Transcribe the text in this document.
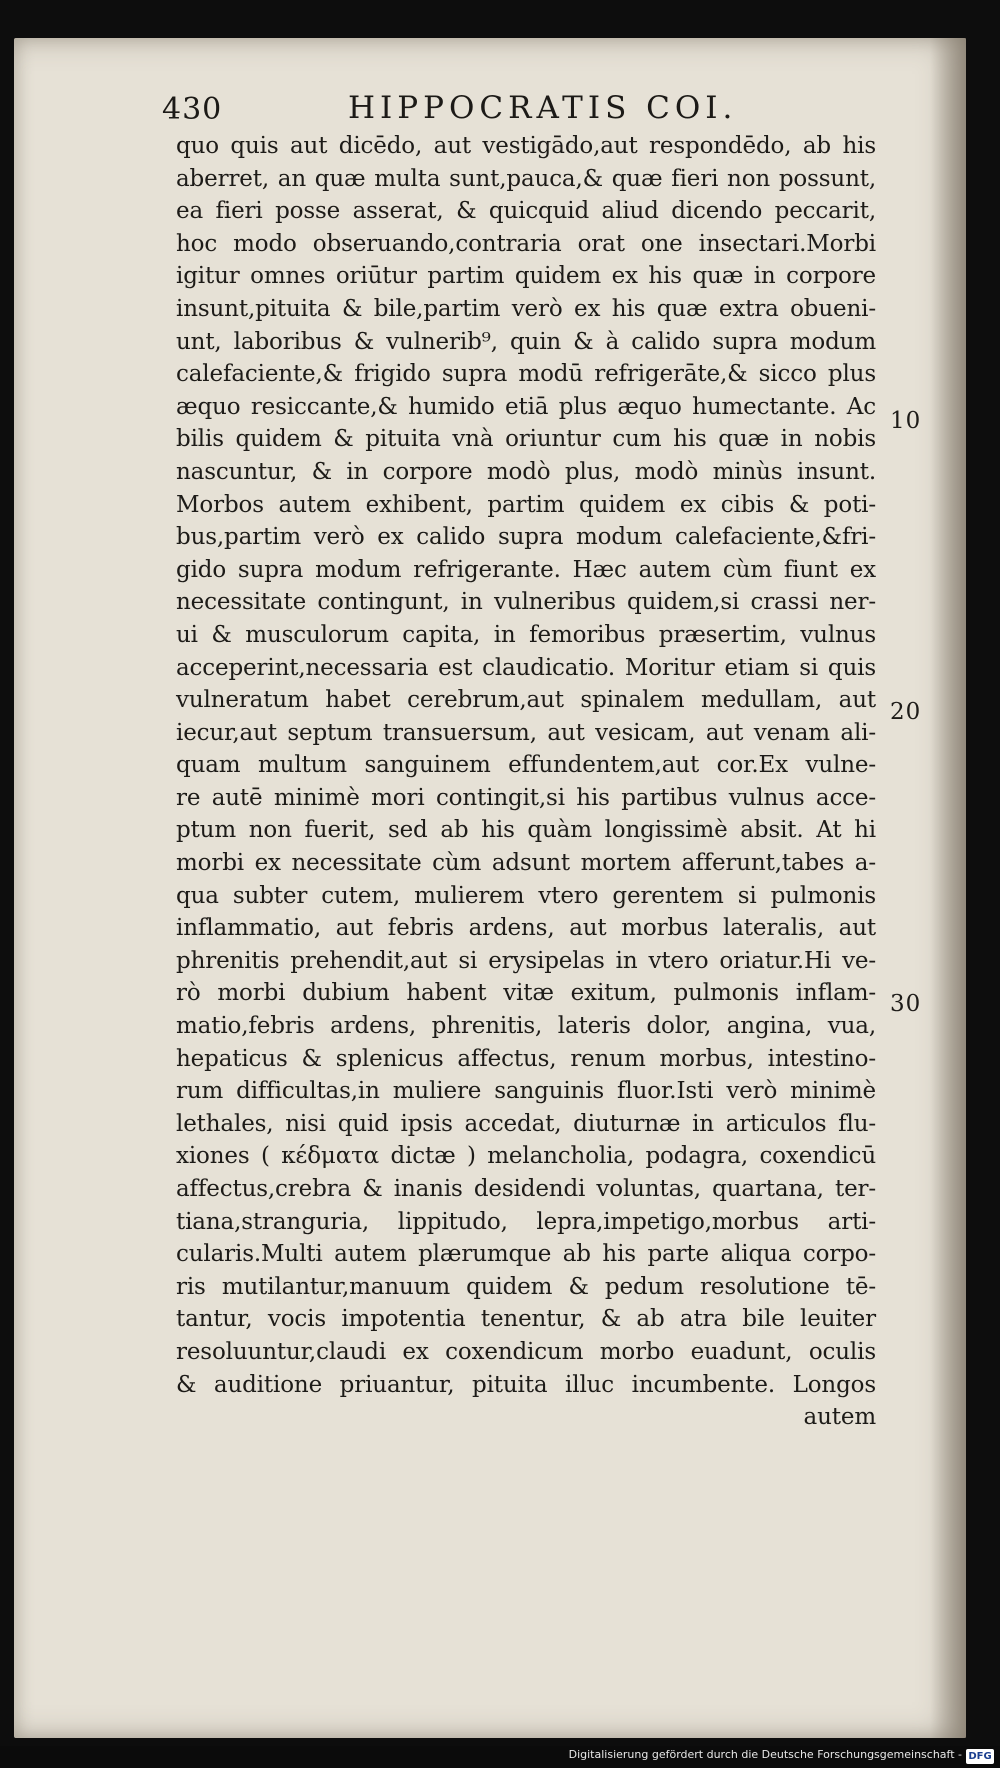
430	HIPPOCRATIS COI.
quo quis aut dicēdo, aut vestigādo,aut respondēdo, ab his
aberret, an quæ multa sunt,pauca,& quæ fieri non possunt,
ea fieri posse asserat, & quicquid aliud dicendo peccarit,
hoc modo obseruando,contraria orat one insectari.Morbi
igitur omnes oriūtur partim quidem ex his quæ in corpore
insunt,pituita & bile,partim verò ex his quæ extra obueni-
unt, laboribus & vulnerib⁹, quin & à calido supra modum
calefaciente,& frigido supra modū refrigerāte,& sicco plus
æquo resiccante,& humido etiā plus æquo humectante. Ac
bilis quidem & pituita vnà oriuntur cum his quæ in nobis
nascuntur, & in corpore modò plus, modò minùs insunt.
Morbos autem exhibent, partim quidem ex cibis & poti-
bus,partim verò ex calido supra modum calefaciente,&fri-
gido supra modum refrigerante. Hæc autem cùm fiunt ex
necessitate contingunt, in vulneribus quidem,si crassi ner-
ui & musculorum capita, in femoribus præsertim, vulnus
acceperint,necessaria est claudicatio. Moritur etiam si quis
vulneratum habet cerebrum,aut spinalem medullam, aut
iecur,aut septum transuersum, aut vesicam, aut venam ali-
quam multum sanguinem effundentem,aut cor.Ex vulne-
re autē minimè mori contingit,si his partibus vulnus acce-
ptum non fuerit, sed ab his quàm longissimè absit. At hi
morbi ex necessitate cùm adsunt mortem afferunt,tabes a-
qua subter cutem, mulierem vtero gerentem si pulmonis
inflammatio, aut febris ardens, aut morbus lateralis, aut
phrenitis prehendit,aut si erysipelas in vtero oriatur.Hi ve-
rò morbi dubium habent vitæ exitum, pulmonis inflam-
matio,febris ardens, phrenitis, lateris dolor, angina, vua,
hepaticus & splenicus affectus, renum morbus, intestino-
rum difficultas,in muliere sanguinis fluor.Isti verò minimè
lethales, nisi quid ipsis accedat, diuturnæ in articulos flu-
xiones ( κέδματα dictæ ) melancholia, podagra, coxendicū
affectus,crebra & inanis desidendi voluntas, quartana, ter-
tiana,stranguria, lippitudo, lepra,impetigo,morbus arti-
cularis.Multi autem plærumque ab his parte aliqua corpo-
ris mutilantur,manuum quidem & pedum resolutione tē-
tantur, vocis impotentia tenentur, & ab atra bile leuiter
resoluuntur,claudi ex coxendicum morbo euadunt, oculis
& auditione priuantur, pituita illuc incumbente. Longos
autem
10
20
30
Digitalisierung gefördert durch die Deutsche Forschungsgemeinschaft - DFG
